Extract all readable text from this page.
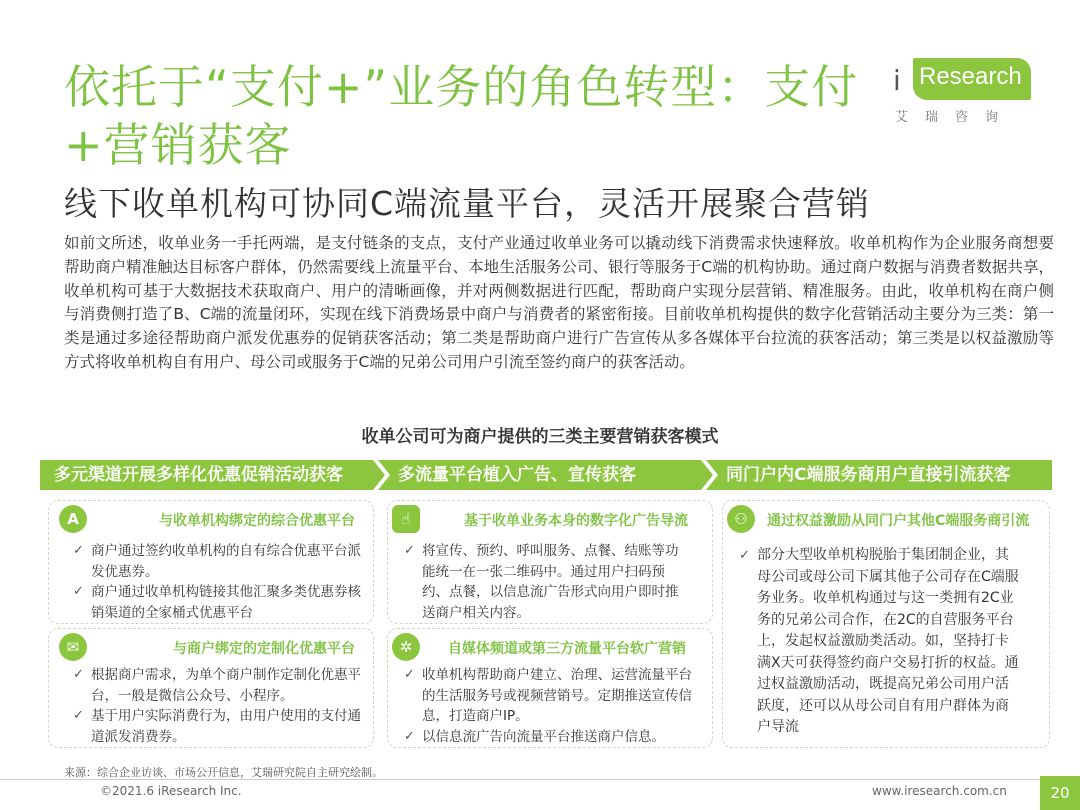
依托于“支付+”业务的角色转型：支付+营销获客
线下收单机构可协同C端流量平台，灵活开展聚合营销
i Research
艾瑞咨询
如前文所述，收单业务一手托两端，是支付链条的支点，支付产业通过收单业务可以撬动线下消费需求快速释放。收单机构作为企业服务商想要帮助商户精准触达目标客户群体，仍然需要线上流量平台、本地生活服务公司、银行等服务于C端的机构协助。通过商户数据与消费者数据共享，收单机构可基于大数据技术获取商户、用户的清晰画像，并对两侧数据进行匹配，帮助商户实现分层营销、精准服务。由此，收单机构在商户侧与消费侧打造了B、C端的流量闭环，实现在线下消费场景中商户与消费者的紧密衔接。目前收单机构提供的数字化营销活动主要分为三类：第一类是通过多途径帮助商户派发优惠券的促销获客活动；第二类是帮助商户进行广告宣传从多各媒体平台拉流的获客活动；第三类是以权益激励等方式将收单机构自有用户、母公司或服务于C端的兄弟公司用户引流至签约商户的获客活动。
收单公司可为商户提供的三类主要营销获客模式
多元渠道开展多样化优惠促销活动获客	多流量平台植入广告、宣传获客	同门户内C端服务商用户直接引流获客
A	与收单机构绑定的综合优惠平台
✓ 商户通过签约收单机构的自有综合优惠平台派发优惠券。
✓ 商户通过收单机构链接其他汇聚多类优惠券核销渠道的全家桶式优惠平台
✉	与商户绑定的定制化优惠平台
✓ 根据商户需求，为单个商户制作定制化优惠平台，一般是微信公众号、小程序。
✓ 基于用户实际消费行为，由用户使用的支付通道派发消费券。
☝	基于收单业务本身的数字化广告导流
✓ 将宣传、预约、呼叫服务、点餐、结账等功能统一在一张二维码中。通过用户扫码预约、点餐，以信息流广告形式向用户即时推送商户相关内容。
✲	自媒体频道或第三方流量平台软广营销
✓ 收单机构帮助商户建立、治理、运营流量平台的生活服务号或视频营销号。定期推送宣传信息，打造商户IP。
✓ 以信息流广告向流量平台推送商户信息。
⚇	通过权益激励从同门户其他C端服务商引流
✓ 部分大型收单机构脱胎于集团制企业，其母公司或母公司下属其他子公司存在C端服务业务。收单机构通过与这一类拥有2C业务的兄弟公司合作，在2C的自营服务平台上，发起权益激励类活动。如，坚持打卡满X天可获得签约商户交易打折的权益。通过权益激励活动，既提高兄弟公司用户活跃度，还可以从母公司自有用户群体为商户导流
来源：综合企业访谈、市场公开信息，艾瑞研究院自主研究绘制。
©2021.6 iResearch Inc.	www.iresearch.com.cn	20
